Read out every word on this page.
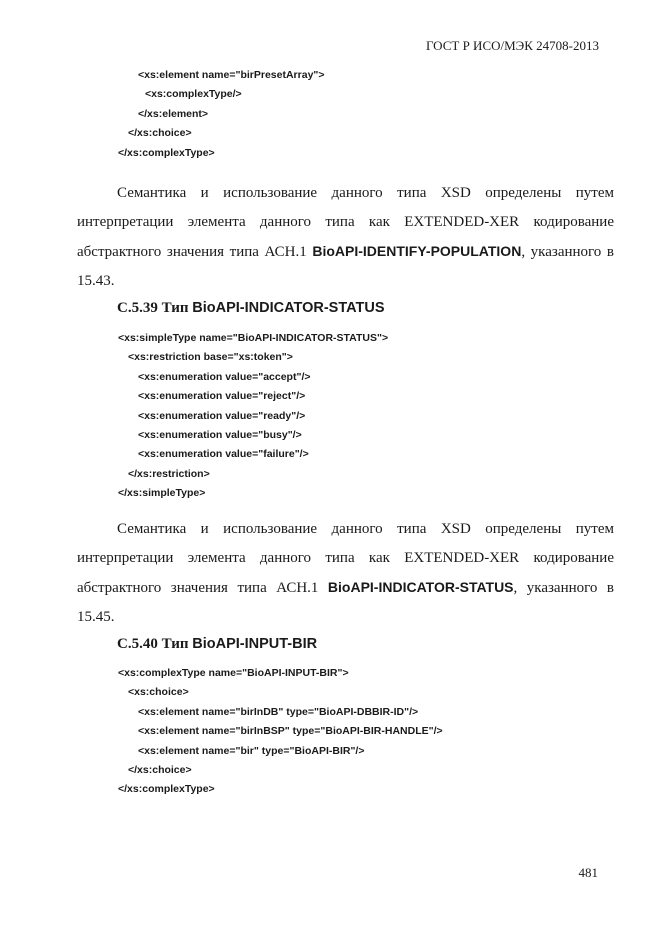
ГОСТ Р ИСО/МЭК 24708-2013
<xs:element name="birPresetArray">
<xs:complexType/>
</xs:element>
</xs:choice>
</xs:complexType>

Семантика и использование данного типа XSD определены путем интерпретации элемента данного типа как EXTENDED-XER кодирование абстрактного значения типа АСН.1 BioAPI-IDENTIFY-POPULATION, указанного в 15.43.

С.5.39 Тип BioAPI-INDICATOR-STATUS
<xs:simpleType name="BioAPI-INDICATOR-STATUS">
<xs:restriction base="xs:token">
<xs:enumeration value="accept"/>
<xs:enumeration value="reject"/>
<xs:enumeration value="ready"/>
<xs:enumeration value="busy"/>
<xs:enumeration value="failure"/>
</xs:restriction>
</xs:simpleType>

Семантика и использование данного типа XSD определены путем интерпретации элемента данного типа как EXTENDED-XER кодирование абстрактного значения типа АСН.1 BioAPI-INDICATOR-STATUS, указанного в 15.45.

С.5.40 Тип BioAPI-INPUT-BIR
<xs:complexType name="BioAPI-INPUT-BIR">
<xs:choice>
<xs:element name="birInDB" type="BioAPI-DBBIR-ID"/>
<xs:element name="birInBSP" type="BioAPI-BIR-HANDLE"/>
<xs:element name="bir" type="BioAPI-BIR"/>
</xs:choice>
</xs:complexType>
481
